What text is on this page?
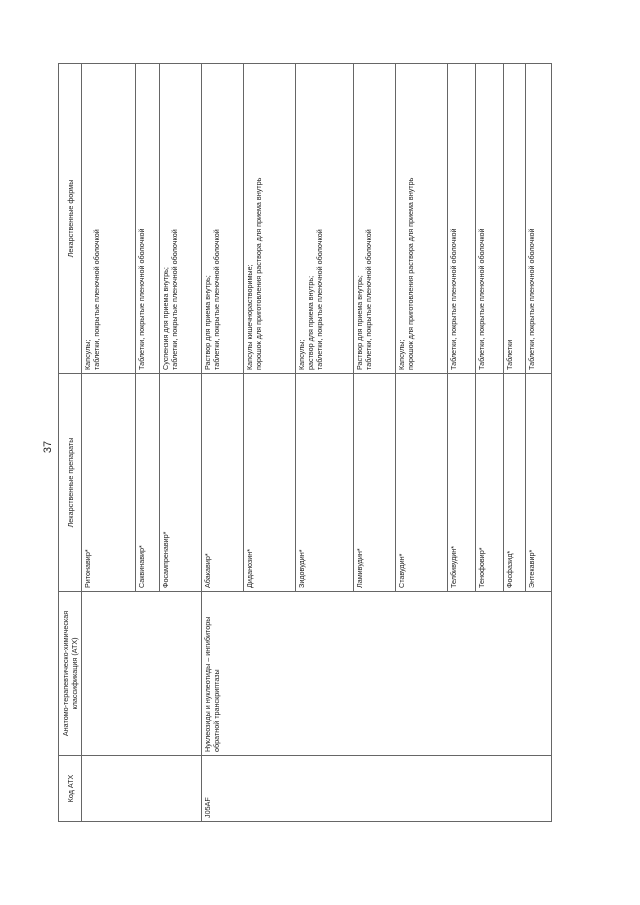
37
Код АТХ	Анатомо-терапевтическо-химическая классификация (АТХ)	Лекарственные препараты	Лекарственные формы
		Ритонавир*	Капсулы; таблетки, покрытые пленочной оболочкой

		Саквинавир*	Таблетки, покрытые пленочной оболочкой

		Фосампренавир*	Суспензия для приема внутрь; таблетки, покрытые пленочной оболочкой

J05AF	Нуклеозиды и нуклеотиды – ингибиторы обратной транскриптазы	Абакавир*	Раствор для приема внутрь; таблетки, покрытые пленочной оболочкой

		Диданозин*	Капсулы кишечнорастворимые; порошок для приготовления раствора для приема внутрь

		Зидовудин*	Капсулы; раствор для приема внутрь; таблетки, покрытые пленочной оболочкой

		Ламивудин*	Раствор для приема внутрь; таблетки, покрытые пленочной оболочкой

		Ставудин*	Капсулы; порошок для приготовления раствора для приема внутрь

		Телбивудин*	Таблетки, покрытые пленочной оболочкой

		Тенофовир*	Таблетки, покрытые пленочной оболочкой

		Фосфазид*	Таблетки

		Энтекавир*	Таблетки, покрытые пленочной оболочкой
